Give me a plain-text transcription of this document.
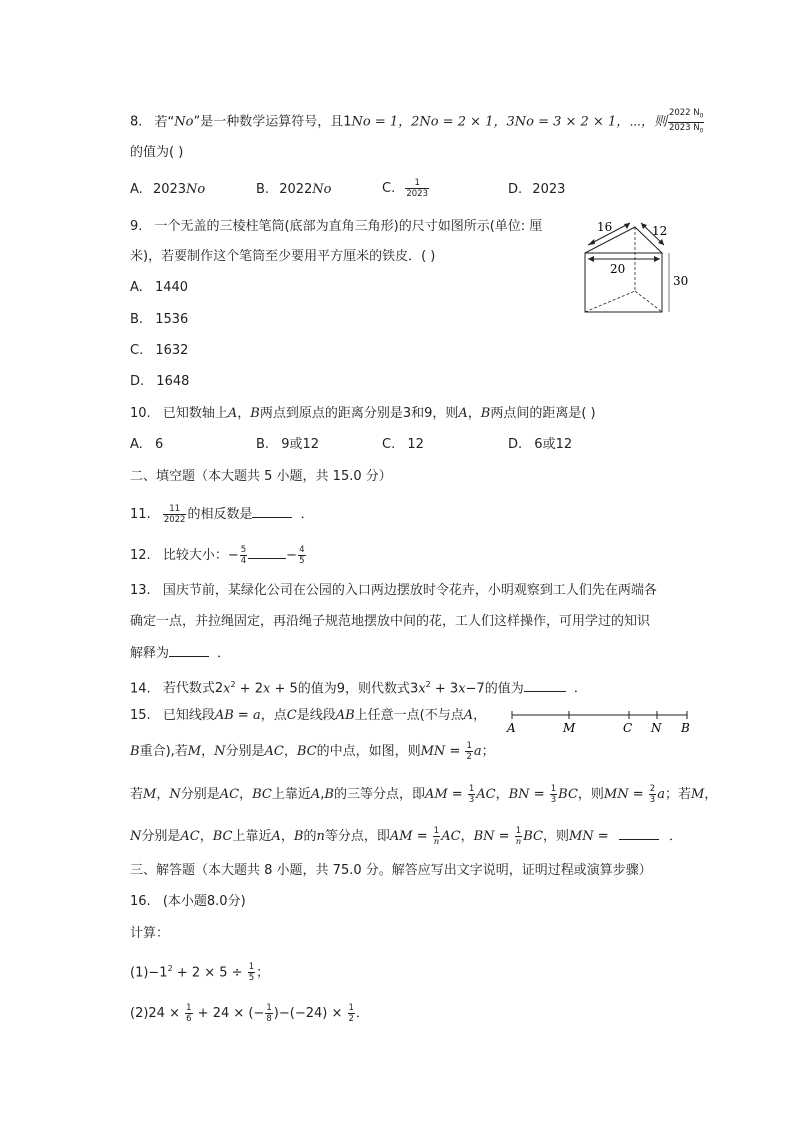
8. 若“No”是一种数学运算符号，且1No = 1，2No = 2 × 1，3No = 3 × 2 × 1，⋯，则 $\frac{2022 N_0}{2023 N_0}$
的值为( )
A. 2023No	B. 2022No	C. $\frac{1}{2023}$	D. 2023
9. 一个无盖的三棱柱笔筒(底部为直角三角形)的尺寸如图所示(单位: 厘
米)，若要制作这个笔筒至少要用平方厘米的铁皮．( )
A. 1440
B. 1536
C. 1632
D. 1648
16	12
20
30
10. 已知数轴上A，B两点到原点的距离分别是3和9，则A，B两点间的距离是( )
A. 6	B. 9或12	C. 12	D. 6或12
二、填空题（本大题共 5 小题，共 15.0 分）
11. $\frac{11}{2022}$ 的相反数是	．
12. 比较大小：− $\frac{5}{4}$	− $\frac{4}{5}$
13. 国庆节前，某绿化公司在公园的入口两边摆放时令花卉，小明观察到工人们先在两端各
确定一点，并拉绳固定，再沿绳子规范地摆放中间的花，工人们这样操作，可用学过的知识
解释为	．
14. 若代数式$2x^2 + 2x + 5$的值为9，则代数式$3x^2 + 3x-7$的值为	．
15. 已知线段AB = a，点C是线段AB上任意一点(不与点A，
A	M	C N B
B重合),若M，N分别是AC，BC的中点，如图，则MN = $\frac{1}{2}$ a；
若M，N分别是AC，BC上靠近A,B的三等分点，即AM = $\frac{1}{3}$ AC，BN = $\frac{1}{3}$ BC，则MN = $\frac{2}{3}$ a；若M，
N分别是AC，BC上靠近A，B的n等分点，即AM = $\frac{1}{n}$ AC，BN = $\frac{1}{n}$ BC，则MN =	．
三、解答题（本大题共 8 小题，共 75.0 分。解答应写出文字说明，证明过程或演算步骤）
16. (本小题8.0分)
计算：
$(1)-1^2 + 2 \times 5 \div \frac{1}{5}$ ；
$(2)24 \times \frac{1}{6} + 24$ × (− $\frac{1}{8} )-(-24) \times \frac{1}{2}$ ．
